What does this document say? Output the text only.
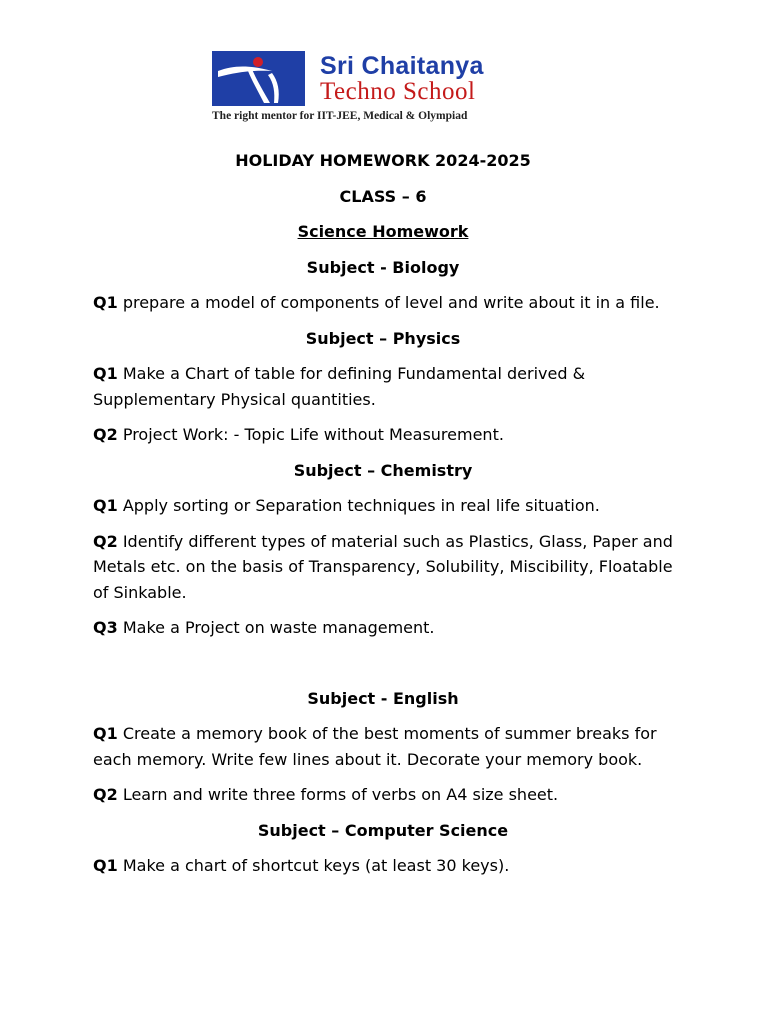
Sri Chaitanya
Techno School
The right mentor for IIT-JEE, Medical & Olympiad
HOLIDAY HOMEWORK 2024-2025
CLASS – 6
Science Homework
Subject - Biology

Q1 prepare a model of components of level and write about it in a file.

Subject – Physics

Q1 Make a Chart of table for defining Fundamental derived & Supplementary Physical quantities.

Q2 Project Work: - Topic Life without Measurement.

Subject – Chemistry

Q1 Apply sorting or Separation techniques in real life situation.

Q2 Identify different types of material such as Plastics, Glass, Paper and Metals etc. on the basis of Transparency, Solubility, Miscibility, Floatable of Sinkable.

Q3 Make a Project on waste management.

Subject - English

Q1 Create a memory book of the best moments of summer breaks for each memory. Write few lines about it. Decorate your memory book.

Q2 Learn and write three forms of verbs on A4 size sheet.

Subject – Computer Science

Q1 Make a chart of shortcut keys (at least 30 keys).
